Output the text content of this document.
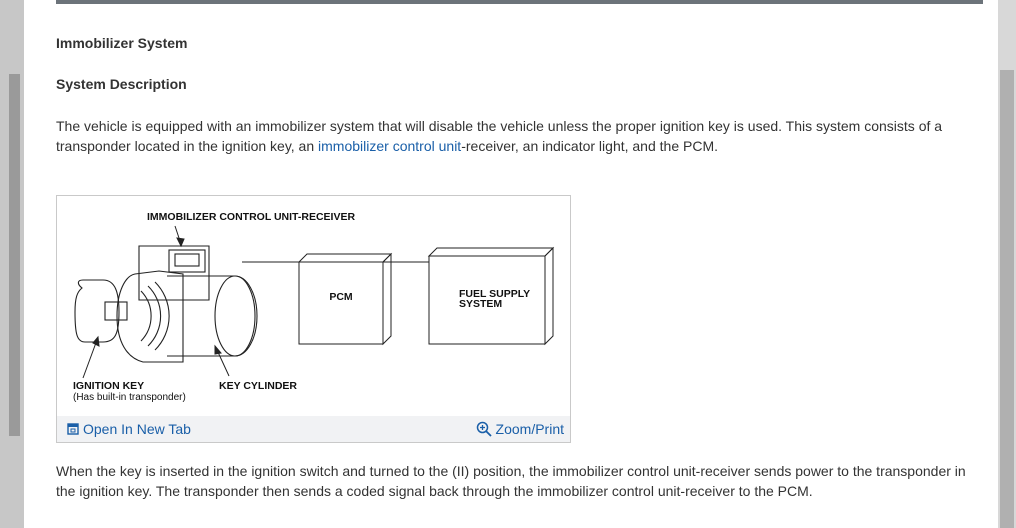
Immobilizer System
System Description

The vehicle is equipped with an immobilizer system that will disable the vehicle unless the proper ignition key is used. This system consists of a transponder located in the ignition key, an immobilizer control unit-receiver, an indicator light, and the PCM.

PCM	FUEL SUPPLY
SYSTEM
IMMOBILIZER CONTROL UNIT-RECEIVER
IGNITION KEY
(Has built-in transponder)
KEY CYLINDER
Open In New Tab	Zoom/Print

When the key is inserted in the ignition switch and turned to the (II) position, the immobilizer control unit-receiver sends power to the transponder in the ignition key. The transponder then sends a coded signal back through the immobilizer control unit-receiver to the PCM.
